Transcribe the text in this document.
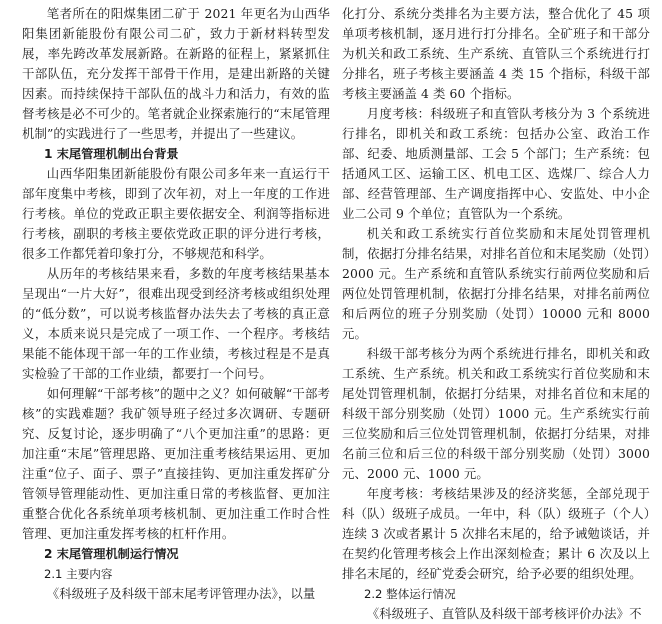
笔者所在的阳煤集团二矿于 2021 年更名为山西华阳集团新能股份有限公司二矿，致力于新材料转型发展，率先跨改革发展新路。在新路的征程上，紧紧抓住干部队伍，充分发挥干部骨干作用，是建出新路的关键因素。而持续保持干部队伍的战斗力和活力，有效的监督考核是必不可少的。笔者就企业探索施行的“末尾管理机制”的实践进行了一些思考，并提出了一些建议。

1 末尾管理机制出台背景

山西华阳集团新能股份有限公司多年来一直运行干部年度集中考核，即到了次年初，对上一年度的工作进行考核。单位的党政正职主要依据安全、利润等指标进行考核，副职的考核主要依党政正职的评分进行考核，很多工作都凭着印象打分，不够规范和科学。

从历年的考核结果来看，多数的年度考核结果基本呈现出“一片大好”，很难出现受到经济考核或组织处理的“低分数”，可以说考核监督办法失去了考核的真正意义，本质来说只是完成了一项工作、一个程序。考核结果能不能体现干部一年的工作业绩，考核过程是不是真实检验了干部的工作业绩，都要打一个问号。

如何理解“干部考核”的题中之义？如何破解“干部考核”的实践难题？我矿领导班子经过多次调研、专题研究、反复讨论，逐步明确了“八个更加注重”的思路：更加注重“末尾”管理思路、更加注重考核结果运用、更加注重“位子、面子、票子”直接挂钩、更加注重发挥矿分管领导管理能动性、更加注重日常的考核监督、更加注重整合优化各系统单项考核机制、更加注重工作时合性管理、更加注重发挥考核的杠杆作用。

2 末尾管理机制运行情况

2.1 主要内容

《科级班子及科级干部末尾考评管理办法》，以量

化打分、系统分类排名为主要方法，整合优化了 45 项单项考核机制，逐月进行打分排名。全矿班子和干部分为机关和政工系统、生产系统、直管队三个系统进行打分排名，班子考核主要涵盖 4 类 15 个指标，科级干部考核主要涵盖 4 类 60 个指标。

月度考核：科级班子和直管队考核分为 3 个系统进行排名，即机关和政工系统：包括办公室、政治工作部、纪委、地质测量部、工会 5 个部门；生产系统：包括通风工区、运输工区、机电工区、选煤厂、综合人力部、经营管理部、生产调度指挥中心、安监处、中小企业二公司 9 个单位；直管队为一个系统。

机关和政工系统实行首位奖励和末尾处罚管理机制，依据打分排名结果，对排名首位和末尾奖励（处罚）2000 元。生产系统和直管队系统实行前两位奖励和后两位处罚管理机制，依据打分排名结果，对排名前两位和后两位的班子分别奖励（处罚）10000 元和 8000 元。

科级干部考核分为两个系统进行排名，即机关和政工系统、生产系统。机关和政工系统实行首位奖励和末尾处罚管理机制，依据打分结果，对排名首位和末尾的科级干部分别奖励（处罚）1000 元。生产系统实行前三位奖励和后三位处罚管理机制，依据打分结果，对排名前三位和后三位的科级干部分别奖励（处罚）3000 元、2000 元、1000 元。

年度考核：考核结果涉及的经济奖惩，全部兑现于科（队）级班子成员。一年中，科（队）级班子（个人）连续 3 次或者累计 5 次排名末尾的，给予诫勉谈话，并在契约化管理考核会上作出深刻检查；累计 6 次及以上排名末尾的，经矿党委会研究，给予必要的组织处理。

2.2 整体运行情况

《科级班子、直管队及科级干部考核评价办法》不
